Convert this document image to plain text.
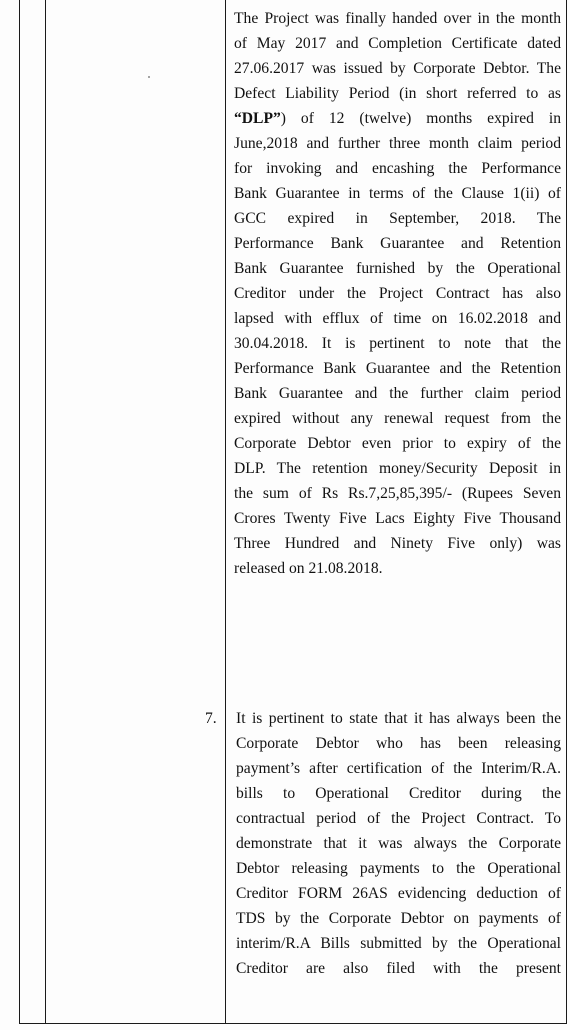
The Project was finally handed over in the month
of May 2017 and Completion Certificate dated
27.06.2017 was issued by Corporate Debtor. The
Defect Liability Period (in short referred to as
“DLP”) of 12 (twelve) months expired in
June,2018 and further three month claim period
for invoking and encashing the Performance
Bank Guarantee in terms of the Clause 1(ii) of
GCC expired in September, 2018. The
Performance Bank Guarantee and Retention
Bank Guarantee furnished by the Operational
Creditor under the Project Contract has also
lapsed with efflux of time on 16.02.2018 and
30.04.2018. It is pertinent to note that the
Performance Bank Guarantee and the Retention
Bank Guarantee and the further claim period
expired without any renewal request from the
Corporate Debtor even prior to expiry of the
DLP. The retention money/Security Deposit in
the sum of Rs Rs.7,25,85,395/- (Rupees Seven
Crores Twenty Five Lacs Eighty Five Thousand
Three Hundred and Ninety Five only) was
released on 21.08.2018.
7. It is pertinent to state that it has always been the
Corporate Debtor who has been releasing
payment’s after certification of the Interim/R.A.
bills to Operational Creditor during the
contractual period of the Project Contract. To
demonstrate that it was always the Corporate
Debtor releasing payments to the Operational
Creditor FORM 26AS evidencing deduction of
TDS by the Corporate Debtor on payments of
interim/R.A Bills submitted by the Operational
Creditor are also filed with the present
